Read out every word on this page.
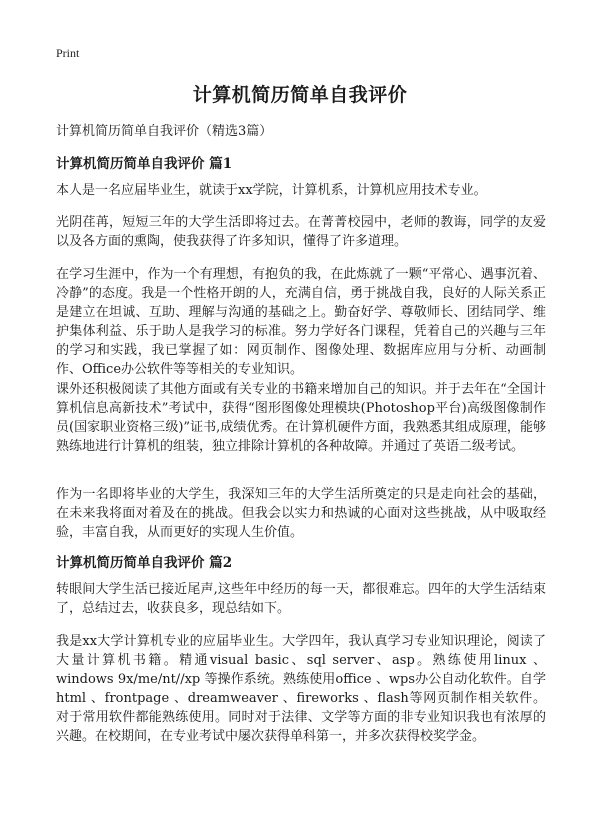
Print
计算机简历简单自我评价
计算机简历简单自我评价（精选3篇）
计算机简历简单自我评价 篇1
本人是一名应届毕业生，就读于xx学院，计算机系，计算机应用技术专业。
光阴荏苒，短短三年的大学生活即将过去。在菁菁校园中，老师的教诲，同学的友爱以及各方面的熏陶，使我获得了许多知识，懂得了许多道理。
在学习生涯中，作为一个有理想，有抱负的我，在此炼就了一颗“平常心、遇事沉着、冷静”的态度。我是一个性格开朗的人，充满自信，勇于挑战自我，良好的人际关系正是建立在坦诚、互助、理解与沟通的基础之上。勤奋好学、尊敬师长、团结同学、维护集体利益、乐于助人是我学习的标准。努力学好各门课程，凭着自己的兴趣与三年的学习和实践，我已掌握了如：网页制作、图像处理、数据库应用与分析、动画制作、Office办公软件等等相关的专业知识。
课外还积极阅读了其他方面或有关专业的书籍来增加自己的知识。并于去年在“全国计算机信息高新技术”考试中，获得“图形图像处理模块(Photoshop平台)高级图像制作员(国家职业资格三级)”证书,成绩优秀。在计算机硬件方面，我熟悉其组成原理，能够熟练地进行计算机的组装，独立排除计算机的各种故障。并通过了英语二级考试。
作为一名即将毕业的大学生，我深知三年的大学生活所奠定的只是走向社会的基础，在未来我将面对着及在的挑战。但我会以实力和热诚的心面对这些挑战，从中吸取经验，丰富自我，从而更好的实现人生价值。
计算机简历简单自我评价 篇2
转眼间大学生活已接近尾声,这些年中经历的每一天，都很难忘。四年的大学生活结束了，总结过去，收获良多，现总结如下。
我是xx大学计算机专业的应届毕业生。大学四年，我认真学习专业知识理论，阅读了大量计算机书籍。精通visual basic、sql server、asp。熟练使用linux 、windows 9x/me/nt//xp 等操作系统。熟练使用office 、wps办公自动化软件。自学html 、frontpage 、dreamweaver 、fireworks 、flash等网页制作相关软件。对于常用软件都能熟练使用。同时对于法律、文学等方面的非专业知识我也有浓厚的兴趣。在校期间，在专业考试中屡次获得单科第一，并多次获得校奖学金。
